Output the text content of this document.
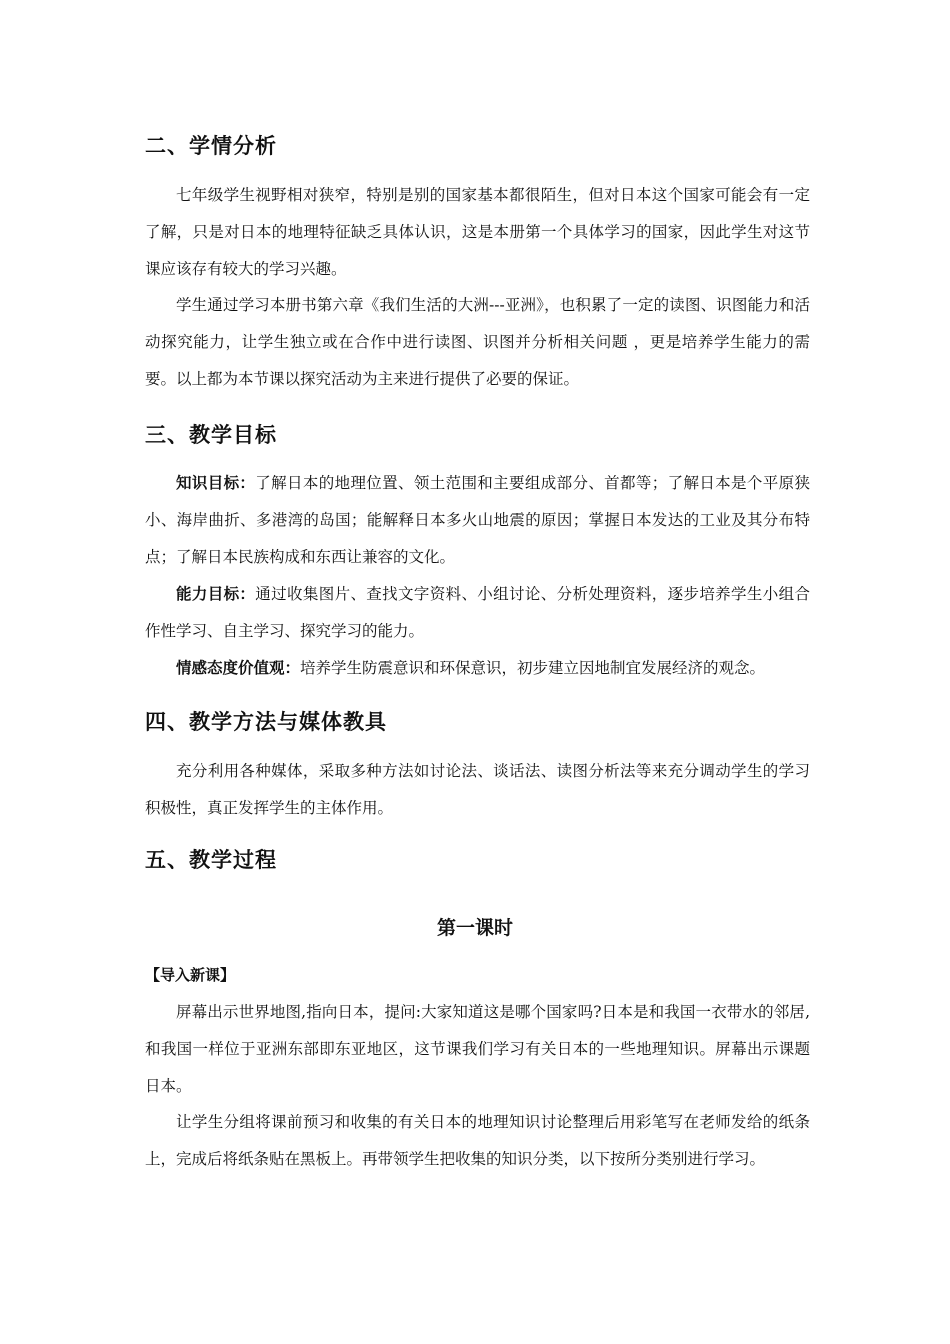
二、学情分析

七年级学生视野相对狭窄，特别是别的国家基本都很陌生，但对日本这个国家可能会有一定了解，只是对日本的地理特征缺乏具体认识，这是本册第一个具体学习的国家，因此学生对这节课应该存有较大的学习兴趣。

学生通过学习本册书第六章《我们生活的大洲---亚洲》，也积累了一定的读图、识图能力和活动探究能力，让学生独立或在合作中进行读图、识图并分析相关问题 ，更是培养学生能力的需要。以上都为本节课以探究活动为主来进行提供了必要的保证。

三、教学目标

知识目标：了解日本的地理位置、领土范围和主要组成部分、首都等；了解日本是个平原狭小、海岸曲折、多港湾的岛国；能解释日本多火山地震的原因；掌握日本发达的工业及其分布特点；了解日本民族构成和东西让兼容的文化。

能力目标：通过收集图片、查找文字资料、小组讨论、分析处理资料，逐步培养学生小组合作性学习、自主学习、探究学习的能力。

情感态度价值观：培养学生防震意识和环保意识，初步建立因地制宜发展经济的观念。

四、教学方法与媒体教具

充分利用各种媒体，采取多种方法如讨论法、谈话法、读图分析法等来充分调动学生的学习积极性，真正发挥学生的主体作用。

五、教学过程
第一课时

【导入新课】

屏幕出示世界地图,指向日本，提问:大家知道这是哪个国家吗?日本是和我国一衣带水的邻居,和我国一样位于亚洲东部即东亚地区，这节课我们学习有关日本的一些地理知识。屏幕出示课题日本。

让学生分组将课前预习和收集的有关日本的地理知识讨论整理后用彩笔写在老师发给的纸条上，完成后将纸条贴在黑板上。再带领学生把收集的知识分类，以下按所分类别进行学习。
